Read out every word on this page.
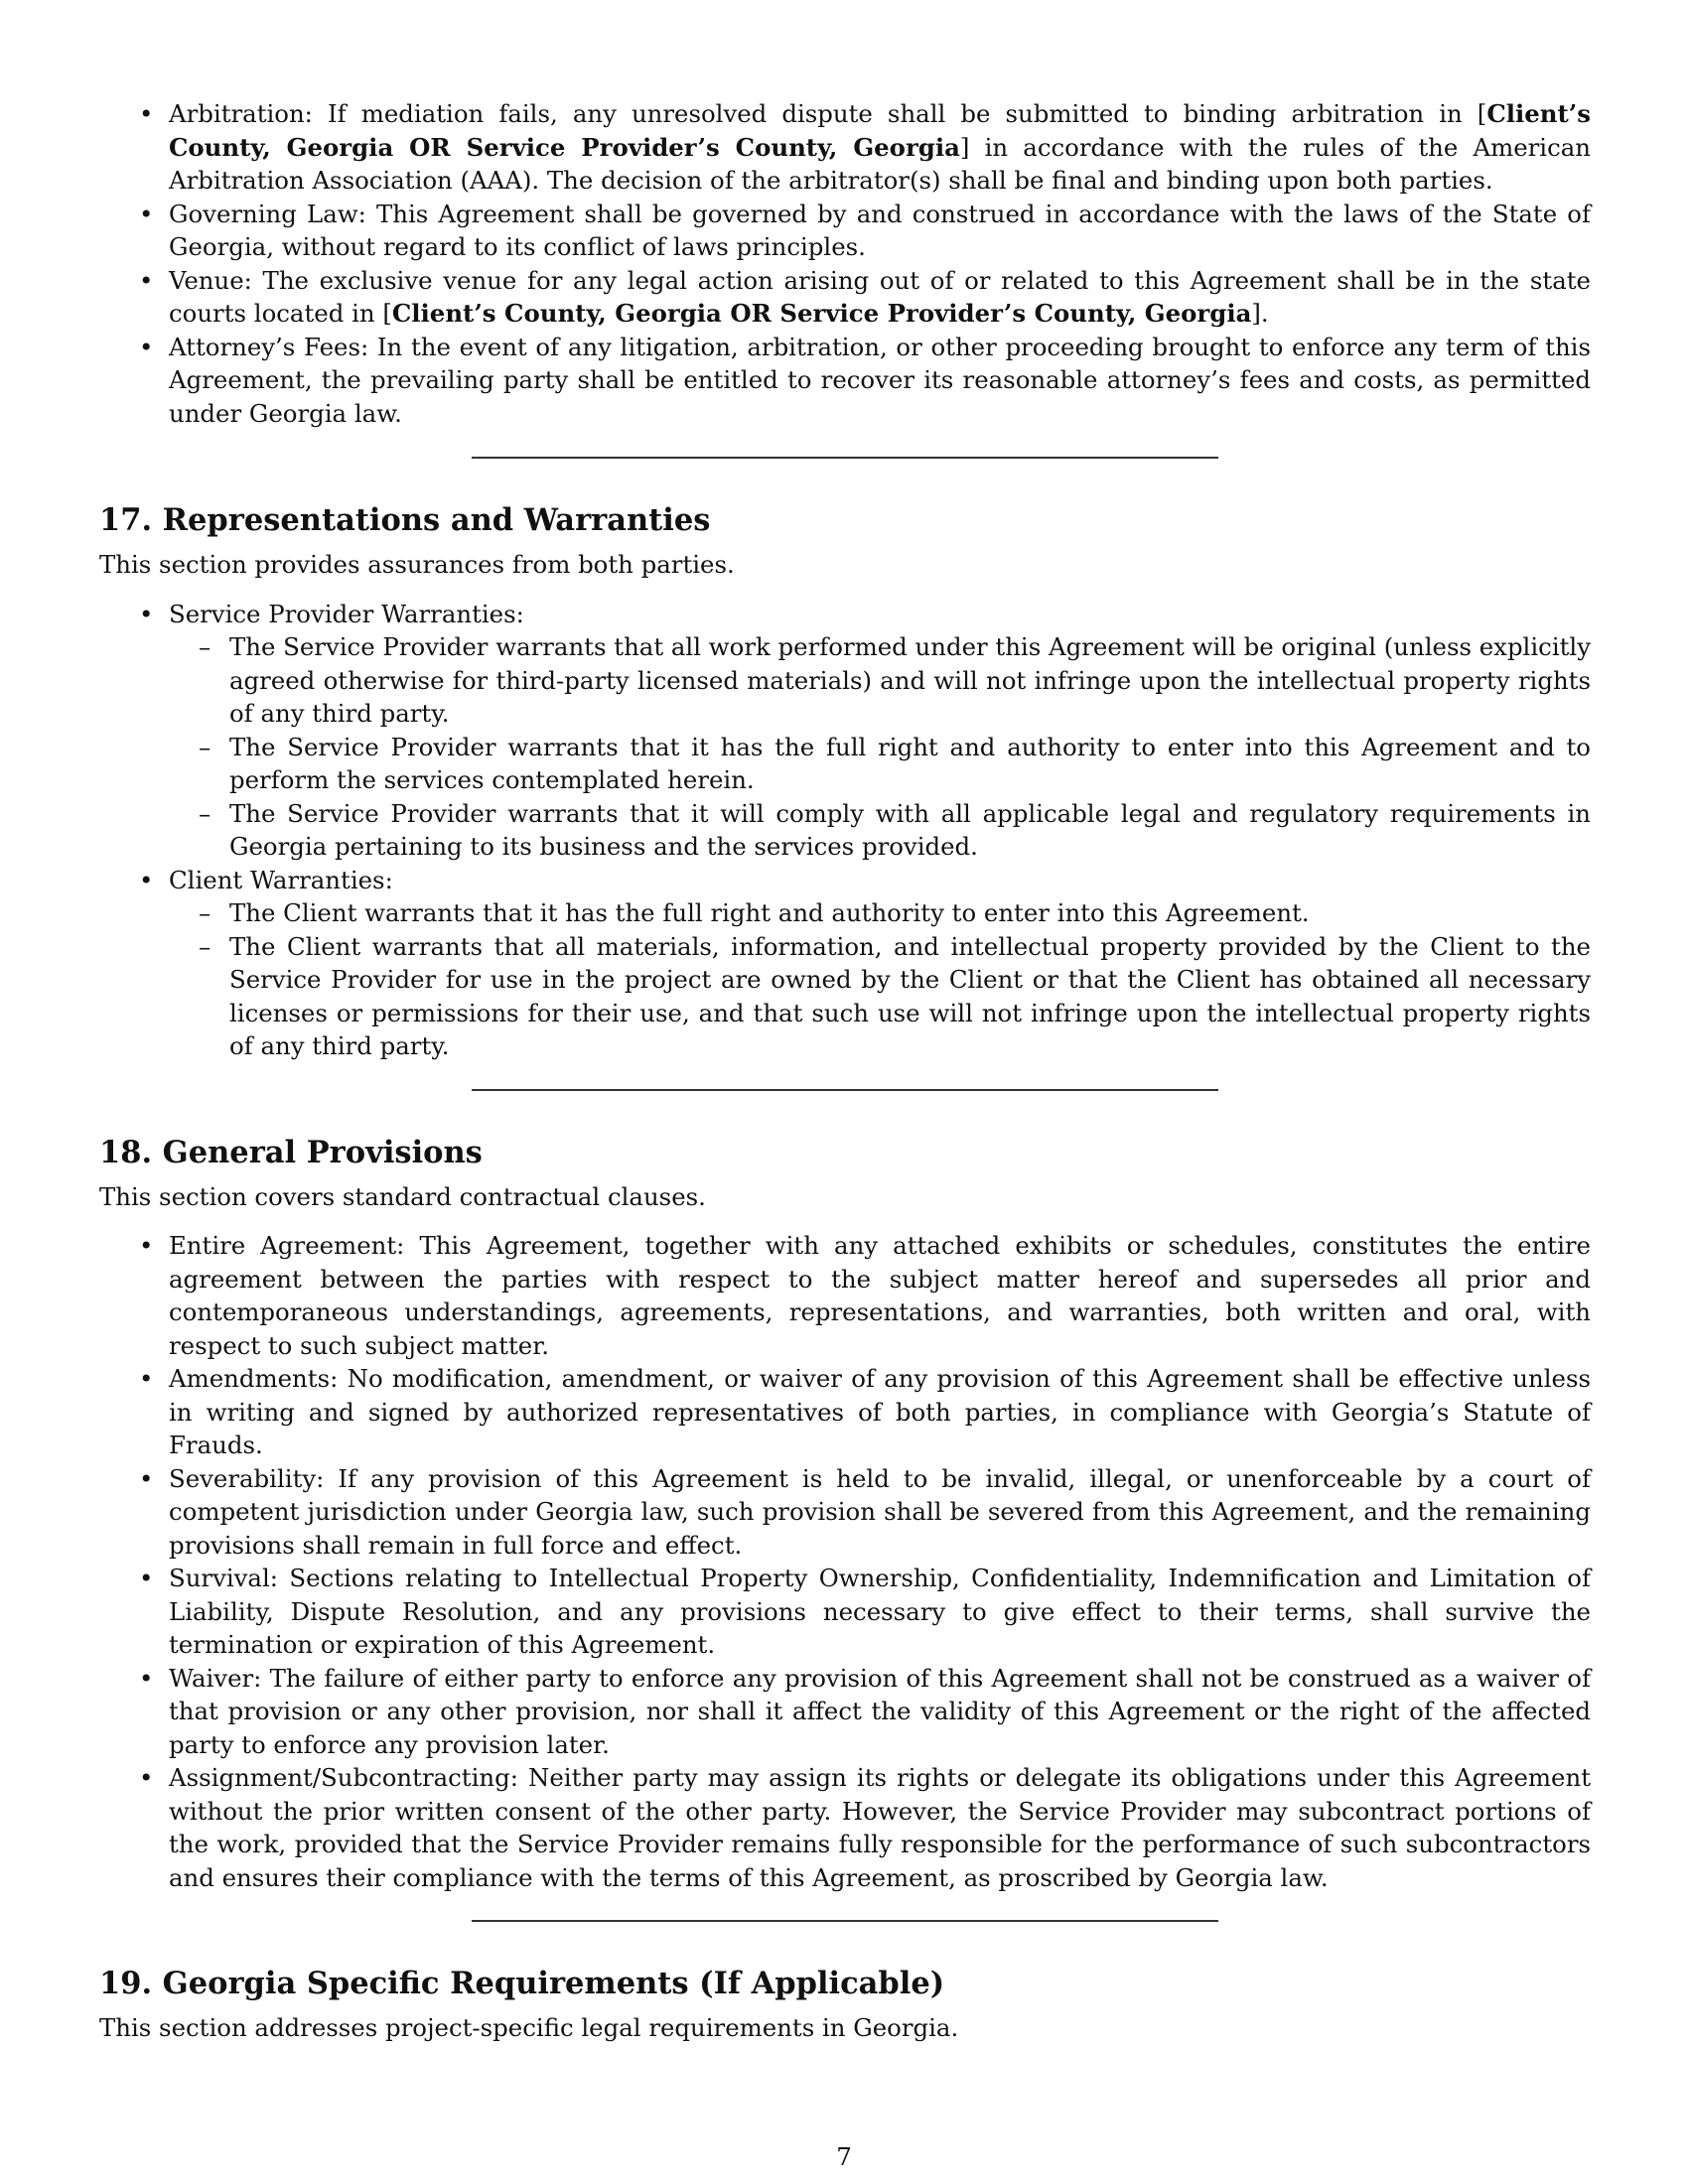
• Arbitration: If mediation fails, any unresolved dispute shall be submitted to binding arbitration in [Client’s County, Georgia OR Service Provider’s County, Georgia] in accordance with the rules of the American Arbitration Association (AAA). The decision of the arbitrator(s) shall be final and binding upon both parties.
• Governing Law: This Agreement shall be governed by and construed in accordance with the laws of the State of Georgia, without regard to its conflict of laws principles.
• Venue: The exclusive venue for any legal action arising out of or related to this Agreement shall be in the state courts located in [Client’s County, Georgia OR Service Provider’s County, Georgia].
• Attorney’s Fees: In the event of any litigation, arbitration, or other proceeding brought to enforce any term of this Agreement, the prevailing party shall be entitled to recover its reasonable attorney’s fees and costs, as permitted under Georgia law.
17. Representations and Warranties

This section provides assurances from both parties.

• Service Provider Warranties:
– The Service Provider warrants that all work performed under this Agreement will be original (unless explicitly agreed otherwise for third-party licensed materials) and will not infringe upon the intellectual property rights of any third party.
– The Service Provider warrants that it has the full right and authority to enter into this Agreement and to perform the services contemplated herein.
– The Service Provider warrants that it will comply with all applicable legal and regulatory requirements in Georgia pertaining to its business and the services provided.
• Client Warranties:
– The Client warrants that it has the full right and authority to enter into this Agreement.
– The Client warrants that all materials, information, and intellectual property provided by the Client to the Service Provider for use in the project are owned by the Client or that the Client has obtained all necessary licenses or permissions for their use, and that such use will not infringe upon the intellectual property rights of any third party.
18. General Provisions

This section covers standard contractual clauses.

• Entire Agreement: This Agreement, together with any attached exhibits or schedules, constitutes the entire agreement between the parties with respect to the subject matter hereof and supersedes all prior and contemporaneous understandings, agreements, representations, and warranties, both written and oral, with respect to such subject matter.
• Amendments: No modification, amendment, or waiver of any provision of this Agreement shall be effective unless in writing and signed by authorized representatives of both parties, in compliance with Georgia’s Statute of Frauds.
• Severability: If any provision of this Agreement is held to be invalid, illegal, or unenforceable by a court of competent jurisdiction under Georgia law, such provision shall be severed from this Agreement, and the remaining provisions shall remain in full force and effect.
• Survival: Sections relating to Intellectual Property Ownership, Confidentiality, Indemnification and Limitation of Liability, Dispute Resolution, and any provisions necessary to give effect to their terms, shall survive the termination or expiration of this Agreement.
• Waiver: The failure of either party to enforce any provision of this Agreement shall not be construed as a waiver of that provision or any other provision, nor shall it affect the validity of this Agreement or the right of the affected party to enforce any provision later.
• Assignment/Subcontracting: Neither party may assign its rights or delegate its obligations under this Agreement without the prior written consent of the other party. However, the Service Provider may subcontract portions of the work, provided that the Service Provider remains fully responsible for the performance of such subcontractors and ensures their compliance with the terms of this Agreement, as proscribed by Georgia law.
19. Georgia Specific Requirements (If Applicable)

This section addresses project-specific legal requirements in Georgia.

7
